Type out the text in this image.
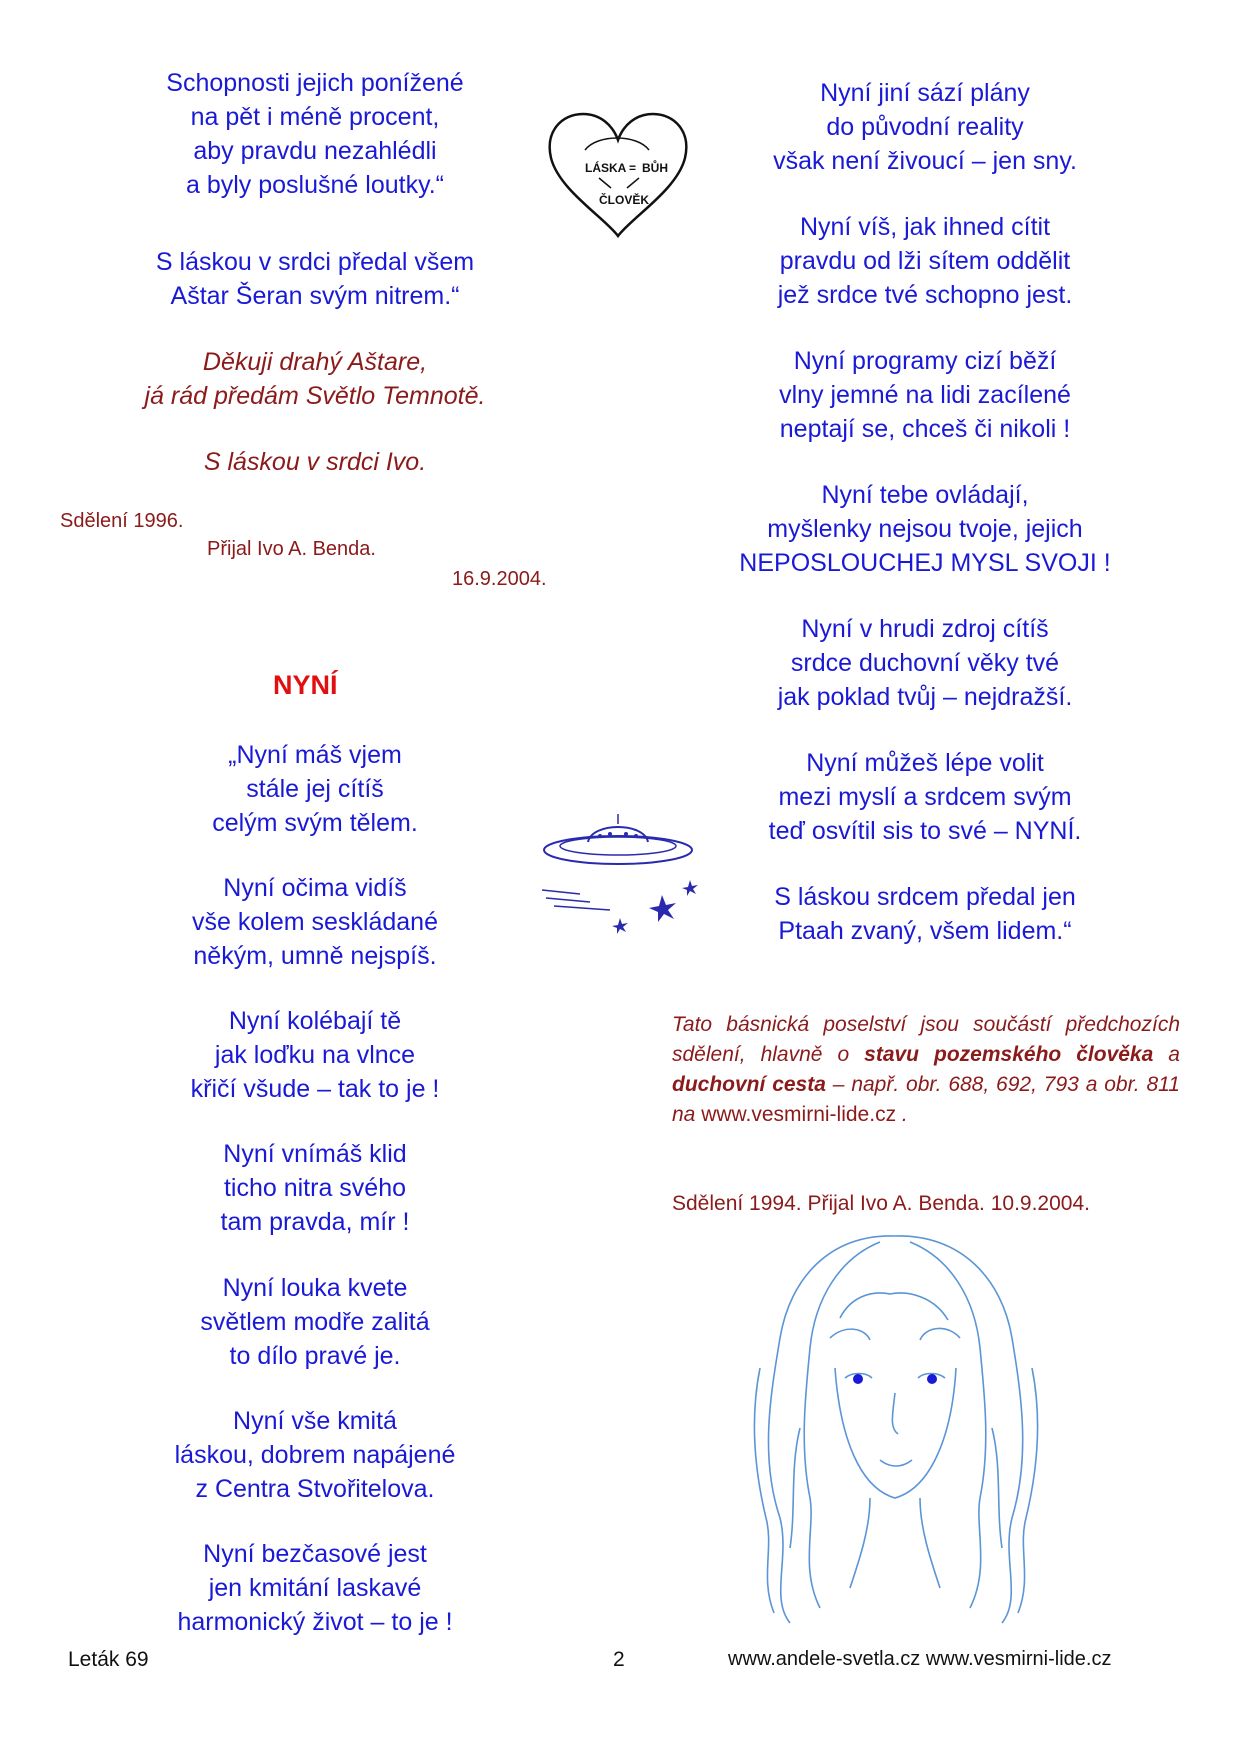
Schopnosti jejich ponížené
na pět i méně procent,
aby pravdu nezahlédli
a byly poslušné loutky.“
S láskou v srdci předal všem
Aštar Šeran svým nitrem.“
Děkuji drahý Aštare,
já rád předám Světlo Temnotě.
S láskou v srdci Ivo.
Sdělení 1996.
Přijal Ivo A. Benda.
16.9.2004.
NYNÍ
„Nyní máš vjem
stále jej cítíš
celým svým tělem.
Nyní očima vidíš
vše kolem seskládané
někým, umně nejspíš.
Nyní kolébají tě
jak loďku na vlnce
křičí všude – tak to je !
Nyní vnímáš klid
ticho nitra svého
tam pravda, mír !
Nyní louka kvete
světlem modře zalitá
to dílo pravé je.
Nyní vše kmitá
láskou, dobrem napájené
z Centra Stvořitelova.
Nyní bezčasové jest
jen kmitání laskavé
harmonický život – to je !
LÁSKA = BŮH
ČLOVĚK
Nyní jiní sází plány
do původní reality
však není živoucí – jen sny.
Nyní víš, jak ihned cítit
pravdu od lži sítem oddělit
jež srdce tvé schopno jest.
Nyní programy cizí běží
vlny jemné na lidi zacílené
neptají se, chceš či nikoli !
Nyní tebe ovládají,
myšlenky nejsou tvoje, jejich
NEPOSLOUCHEJ MYSL SVOJI !
Nyní v hrudi zdroj cítíš
srdce duchovní věky tvé
jak poklad tvůj – nejdražší.
Nyní můžeš lépe volit
mezi myslí a srdcem svým
teď osvítil sis to své – NYNÍ.
S láskou srdcem předal jen
Ptaah zvaný, všem lidem.“
Tato básnická poselství jsou součástí předchozích sdělení, hlavně o stavu pozemského člověka a duchovní cesta – např. obr. 688, 692, 793 a obr. 811 na www.vesmirni-lide.cz .
Sdělení 1994. Přijal Ivo A. Benda. 10.9.2004.
Leták 69	2	www.andele-svetla.cz www.vesmirni-lide.cz
